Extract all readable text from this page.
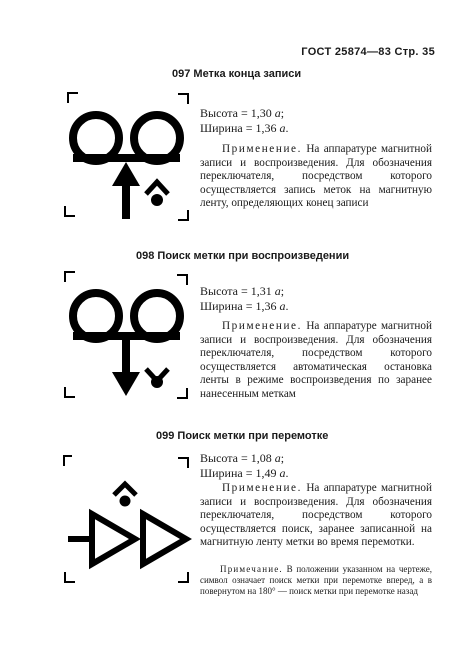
ГОСТ 25874—83 Стр. 35
097 Метка конца записи
Высота = 1,30 a;
Ширина = 1,36 a.
Применение. На аппаратуре магнитной записи и воспроизведения. Для обозначения переключателя, посредством которого осуществляется запись меток на магнитную ленту, определяющих конец записи
098 Поиск метки при воспроизведении
Высота = 1,31 a;
Ширина = 1,36 a.
Применение. На аппаратуре магнитной записи и воспроизведения. Для обозначения переключателя, посредством которого осуществляется автоматическая остановка ленты в режиме воспроизведения по заранее нанесенным меткам
099 Поиск метки при перемотке
Высота = 1,08 a;
Ширина = 1,49 a.
Применение. На аппаратуре магнитной записи и воспроизведения. Для обозначения переключателя, посредством которого осуществляется поиск, заранее записанной на магнитную ленту метки во время перемотки.
Примечание. В положении указанном на чертеже, символ означает поиск метки при перемотке вперед, а в повернутом на 180° — поиск метки при перемотке назад
